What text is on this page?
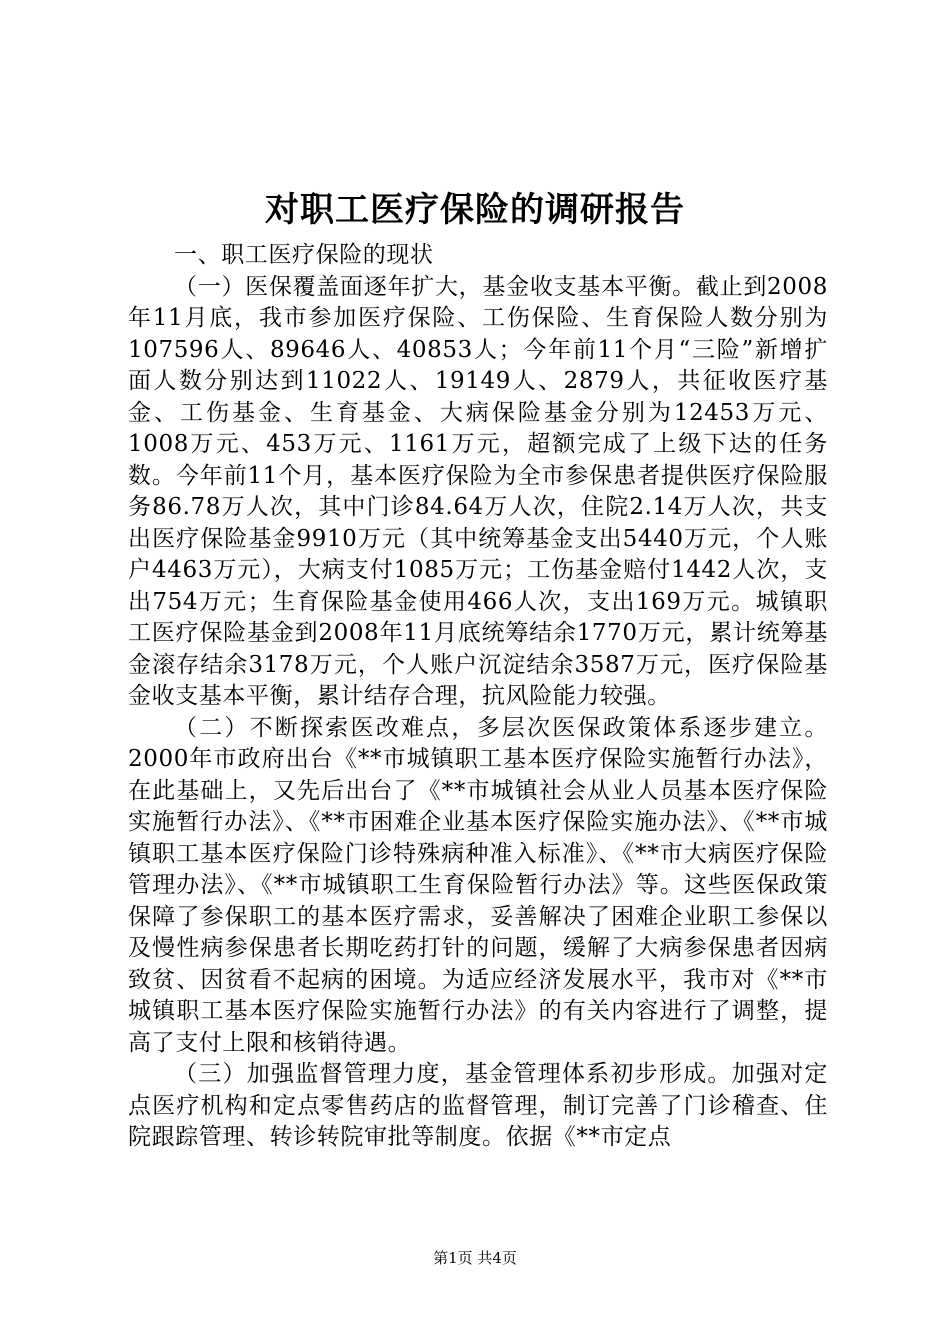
对职工医疗保险的调研报告

一、职工医疗保险的现状

（一）医保覆盖面逐年扩大，基金收支基本平衡。截止到2008年11月底，我市参加医疗保险、工伤保险、生育保险人数分别为107596人、89646人、40853人；今年前11个月“三险”新增扩面人数分别达到11022人、19149人、2879人，共征收医疗基金、工伤基金、生育基金、大病保险基金分别为12453万元、1008万元、453万元、1161万元，超额完成了上级下达的任务数。今年前11个月，基本医疗保险为全市参保患者提供医疗保险服务86.78万人次，其中门诊84.64万人次，住院2.14万人次，共支出医疗保险基金9910万元（其中统筹基金支出5440万元，个人账户4463万元），大病支付1085万元；工伤基金赔付1442人次，支出754万元；生育保险基金使用466人次，支出169万元。城镇职工医疗保险基金到2008年11月底统筹结余1770万元，累计统筹基金滚存结余3178万元，个人账户沉淀结余3587万元，医疗保险基金收支基本平衡，累计结存合理，抗风险能力较强。

（二）不断探索医改难点，多层次医保政策体系逐步建立。2000年市政府出台《**市城镇职工基本医疗保险实施暂行办法》，在此基础上，又先后出台了《**市城镇社会从业人员基本医疗保险实施暂行办法》、《**市困难企业基本医疗保险实施办法》、《**市城镇职工基本医疗保险门诊特殊病种准入标准》、《**市大病医疗保险管理办法》、《**市城镇职工生育保险暂行办法》等。这些医保政策保障了参保职工的基本医疗需求，妥善解决了困难企业职工参保以及慢性病参保患者长期吃药打针的问题，缓解了大病参保患者因病致贫、因贫看不起病的困境。为适应经济发展水平，我市对《**市城镇职工基本医疗保险实施暂行办法》的有关内容进行了调整，提高了支付上限和核销待遇。

（三）加强监督管理力度，基金管理体系初步形成。加强对定点医疗机构和定点零售药店的监督管理，制订完善了门诊稽查、住院跟踪管理、转诊转院审批等制度。依据《**市定点

第1页 共4页
